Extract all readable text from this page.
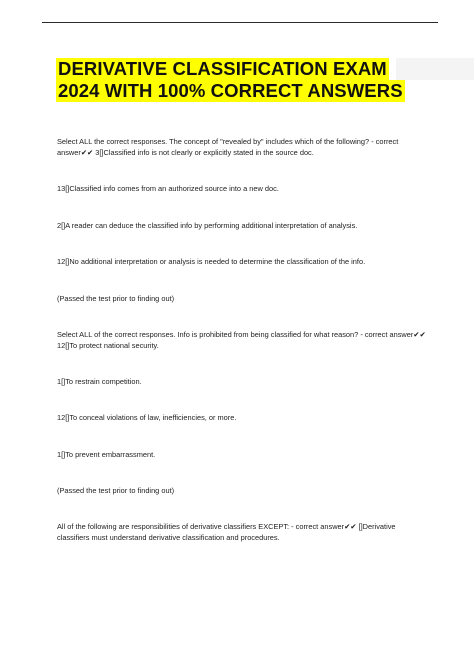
DERIVATIVE CLASSIFICATION EXAM
2024 WITH 100% CORRECT ANSWERS

Select ALL the correct responses. The concept of "revealed by" includes which of the following? - correct answer✔✔ 3[]Classified info is not clearly or explicitly stated in the source doc.

13[]Classified info comes from an authorized source into a new doc.

2[]A reader can deduce the classified info by performing additional interpretation of analysis.

12[]No additional interpretation or analysis is needed to determine the classification of the info.

(Passed the test prior to finding out)

Select ALL of the correct responses. Info is prohibited from being classified for what reason? - correct answer✔✔ 12[]To protect national security.

1[]To restrain competition.

12[]To conceal violations of law, inefficiencies, or more.

1[]To prevent embarrassment.

(Passed the test prior to finding out)

All of the following are responsibilities of derivative classifiers EXCEPT: - correct answer✔✔ []Derivative classifiers must understand derivative classification and procedures.
